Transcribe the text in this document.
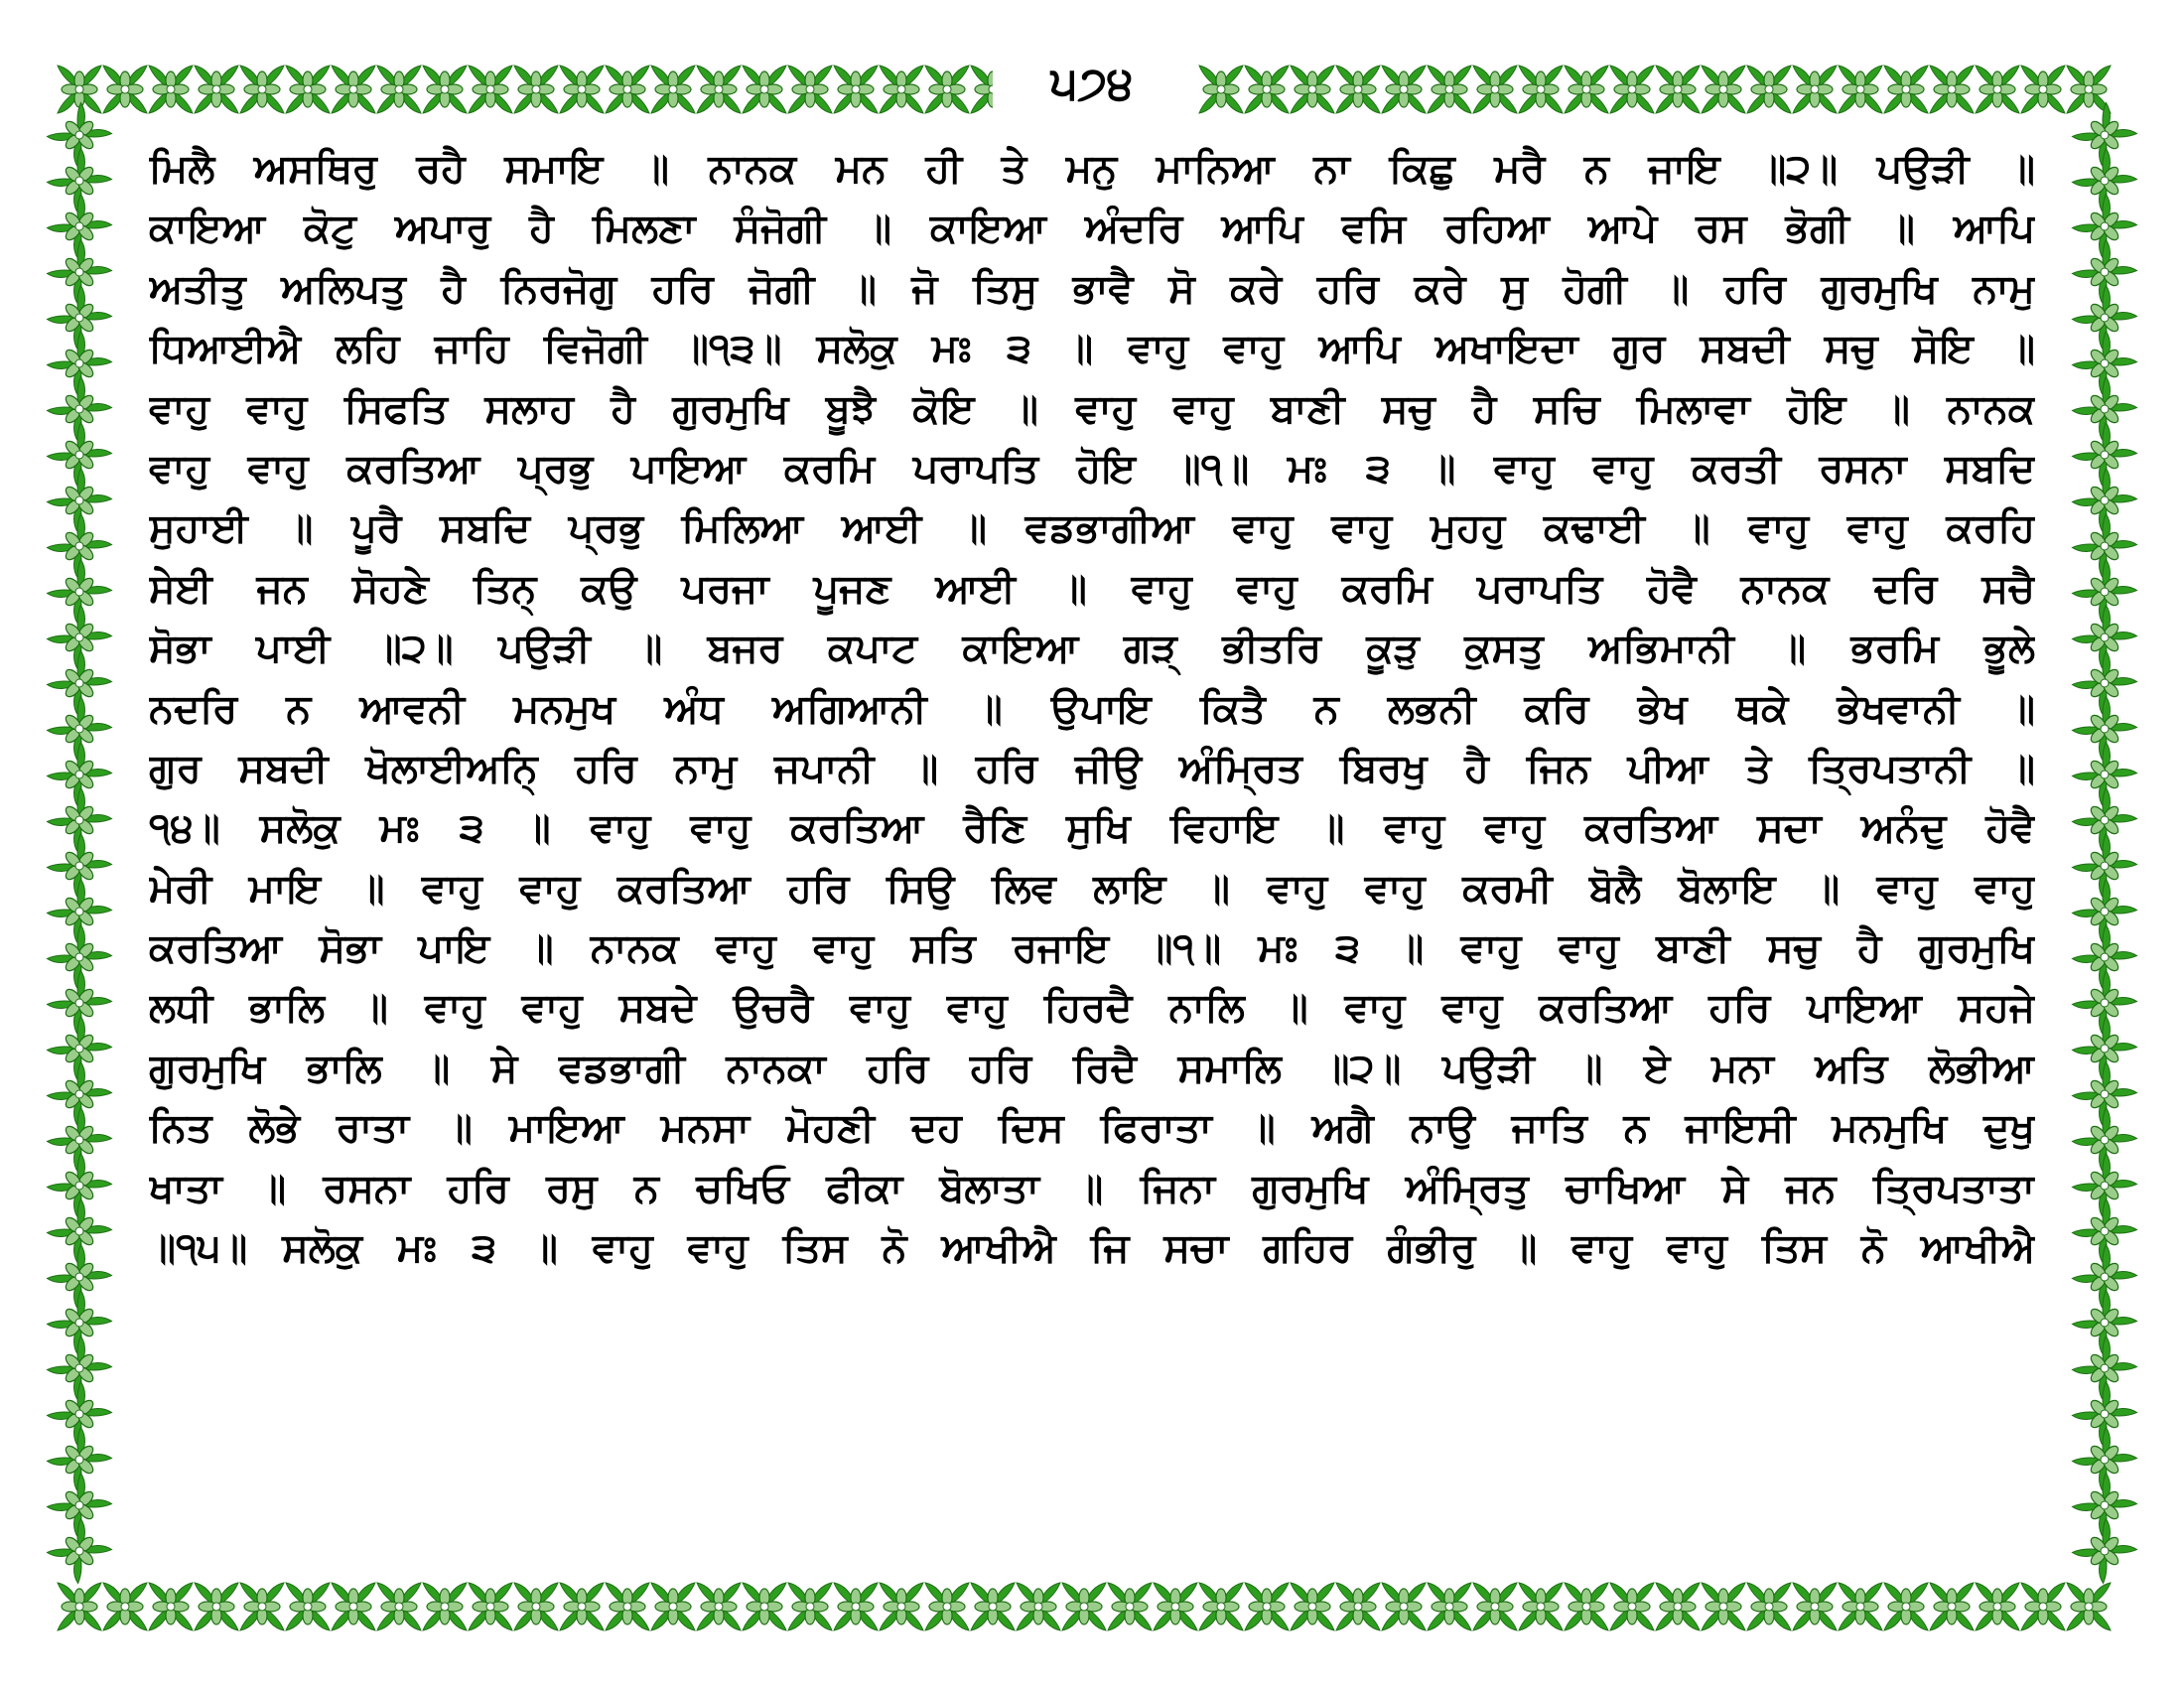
੫੭੪
ਮਿਲੈ ਅਸਥਿਰੁ ਰਹੈ ਸਮਾਇ ॥ ਨਾਨਕ ਮਨ ਹੀ ਤੇ ਮਨੁ ਮਾਨਿਆ ਨਾ ਕਿਛੁ ਮਰੈ ਨ ਜਾਇ ॥੨॥ ਪਉੜੀ ॥
ਕਾਇਆ ਕੋਟੁ ਅਪਾਰੁ ਹੈ ਮਿਲਣਾ ਸੰਜੋਗੀ ॥ ਕਾਇਆ ਅੰਦਰਿ ਆਪਿ ਵਸਿ ਰਹਿਆ ਆਪੇ ਰਸ ਭੋਗੀ ॥ ਆਪਿ
ਅਤੀਤੁ ਅਲਿਪਤੁ ਹੈ ਨਿਰਜੋਗੁ ਹਰਿ ਜੋਗੀ ॥ ਜੋ ਤਿਸੁ ਭਾਵੈ ਸੋ ਕਰੇ ਹਰਿ ਕਰੇ ਸੁ ਹੋਗੀ ॥ ਹਰਿ ਗੁਰਮੁਖਿ ਨਾਮੁ
ਧਿਆਈਐ ਲਹਿ ਜਾਹਿ ਵਿਜੋਗੀ ॥੧੩॥ ਸਲੋਕੁ ਮਃ ੩ ॥ ਵਾਹੁ ਵਾਹੁ ਆਪਿ ਅਖਾਇਦਾ ਗੁਰ ਸਬਦੀ ਸਚੁ ਸੋਇ ॥
ਵਾਹੁ ਵਾਹੁ ਸਿਫਤਿ ਸਲਾਹ ਹੈ ਗੁਰਮੁਖਿ ਬੂਝੈ ਕੋਇ ॥ ਵਾਹੁ ਵਾਹੁ ਬਾਣੀ ਸਚੁ ਹੈ ਸਚਿ ਮਿਲਾਵਾ ਹੋਇ ॥ ਨਾਨਕ
ਵਾਹੁ ਵਾਹੁ ਕਰਤਿਆ ਪ੍ਰਭੁ ਪਾਇਆ ਕਰਮਿ ਪਰਾਪਤਿ ਹੋਇ ॥੧॥ ਮਃ ੩ ॥ ਵਾਹੁ ਵਾਹੁ ਕਰਤੀ ਰਸਨਾ ਸਬਦਿ
ਸੁਹਾਈ ॥ ਪੂਰੈ ਸਬਦਿ ਪ੍ਰਭੁ ਮਿਲਿਆ ਆਈ ॥ ਵਡਭਾਗੀਆ ਵਾਹੁ ਵਾਹੁ ਮੁਹਹੁ ਕਢਾਈ ॥ ਵਾਹੁ ਵਾਹੁ ਕਰਹਿ
ਸੇਈ ਜਨ ਸੋਹਣੇ ਤਿਨ੍ ਕਉ ਪਰਜਾ ਪੂਜਣ ਆਈ ॥ ਵਾਹੁ ਵਾਹੁ ਕਰਮਿ ਪਰਾਪਤਿ ਹੋਵੈ ਨਾਨਕ ਦਰਿ ਸਚੈ
ਸੋਭਾ ਪਾਈ ॥੨॥ ਪਉੜੀ ॥ ਬਜਰ ਕਪਾਟ ਕਾਇਆ ਗੜ੍ ਭੀਤਰਿ ਕੂੜੁ ਕੁਸਤੁ ਅਭਿਮਾਨੀ ॥ ਭਰਮਿ ਭੂਲੇ
ਨਦਰਿ ਨ ਆਵਨੀ ਮਨਮੁਖ ਅੰਧ ਅਗਿਆਨੀ ॥ ਉਪਾਇ ਕਿਤੈ ਨ ਲਭਨੀ ਕਰਿ ਭੇਖ ਥਕੇ ਭੇਖਵਾਨੀ ॥
ਗੁਰ ਸਬਦੀ ਖੋਲਾਈਅਨਿ੍ ਹਰਿ ਨਾਮੁ ਜਪਾਨੀ ॥ ਹਰਿ ਜੀਉ ਅੰਮ੍ਰਿਤ ਬਿਰਖੁ ਹੈ ਜਿਨ ਪੀਆ ਤੇ ਤ੍ਰਿਪਤਾਨੀ ॥
੧੪॥ ਸਲੋਕੁ ਮਃ ੩ ॥ ਵਾਹੁ ਵਾਹੁ ਕਰਤਿਆ ਰੈਣਿ ਸੁਖਿ ਵਿਹਾਇ ॥ ਵਾਹੁ ਵਾਹੁ ਕਰਤਿਆ ਸਦਾ ਅਨੰਦੁ ਹੋਵੈ
ਮੇਰੀ ਮਾਇ ॥ ਵਾਹੁ ਵਾਹੁ ਕਰਤਿਆ ਹਰਿ ਸਿਉ ਲਿਵ ਲਾਇ ॥ ਵਾਹੁ ਵਾਹੁ ਕਰਮੀ ਬੋਲੈ ਬੋਲਾਇ ॥ ਵਾਹੁ ਵਾਹੁ
ਕਰਤਿਆ ਸੋਭਾ ਪਾਇ ॥ ਨਾਨਕ ਵਾਹੁ ਵਾਹੁ ਸਤਿ ਰਜਾਇ ॥੧॥ ਮਃ ੩ ॥ ਵਾਹੁ ਵਾਹੁ ਬਾਣੀ ਸਚੁ ਹੈ ਗੁਰਮੁਖਿ
ਲਧੀ ਭਾਲਿ ॥ ਵਾਹੁ ਵਾਹੁ ਸਬਦੇ ਉਚਰੈ ਵਾਹੁ ਵਾਹੁ ਹਿਰਦੈ ਨਾਲਿ ॥ ਵਾਹੁ ਵਾਹੁ ਕਰਤਿਆ ਹਰਿ ਪਾਇਆ ਸਹਜੇ
ਗੁਰਮੁਖਿ ਭਾਲਿ ॥ ਸੇ ਵਡਭਾਗੀ ਨਾਨਕਾ ਹਰਿ ਹਰਿ ਰਿਦੈ ਸਮਾਲਿ ॥੨॥ ਪਉੜੀ ॥ ਏ ਮਨਾ ਅਤਿ ਲੋਭੀਆ
ਨਿਤ ਲੋਭੇ ਰਾਤਾ ॥ ਮਾਇਆ ਮਨਸਾ ਮੋਹਣੀ ਦਹ ਦਿਸ ਫਿਰਾਤਾ ॥ ਅਗੈ ਨਾਉ ਜਾਤਿ ਨ ਜਾਇਸੀ ਮਨਮੁਖਿ ਦੁਖੁ
ਖਾਤਾ ॥ ਰਸਨਾ ਹਰਿ ਰਸੁ ਨ ਚਖਿਓ ਫੀਕਾ ਬੋਲਾਤਾ ॥ ਜਿਨਾ ਗੁਰਮੁਖਿ ਅੰਮ੍ਰਿਤੁ ਚਾਖਿਆ ਸੇ ਜਨ ਤ੍ਰਿਪਤਾਤਾ
॥੧੫॥ ਸਲੋਕੁ ਮਃ ੩ ॥ ਵਾਹੁ ਵਾਹੁ ਤਿਸ ਨੋ ਆਖੀਐ ਜਿ ਸਚਾ ਗਹਿਰ ਗੰਭੀਰੁ ॥ ਵਾਹੁ ਵਾਹੁ ਤਿਸ ਨੋ ਆਖੀਐ
